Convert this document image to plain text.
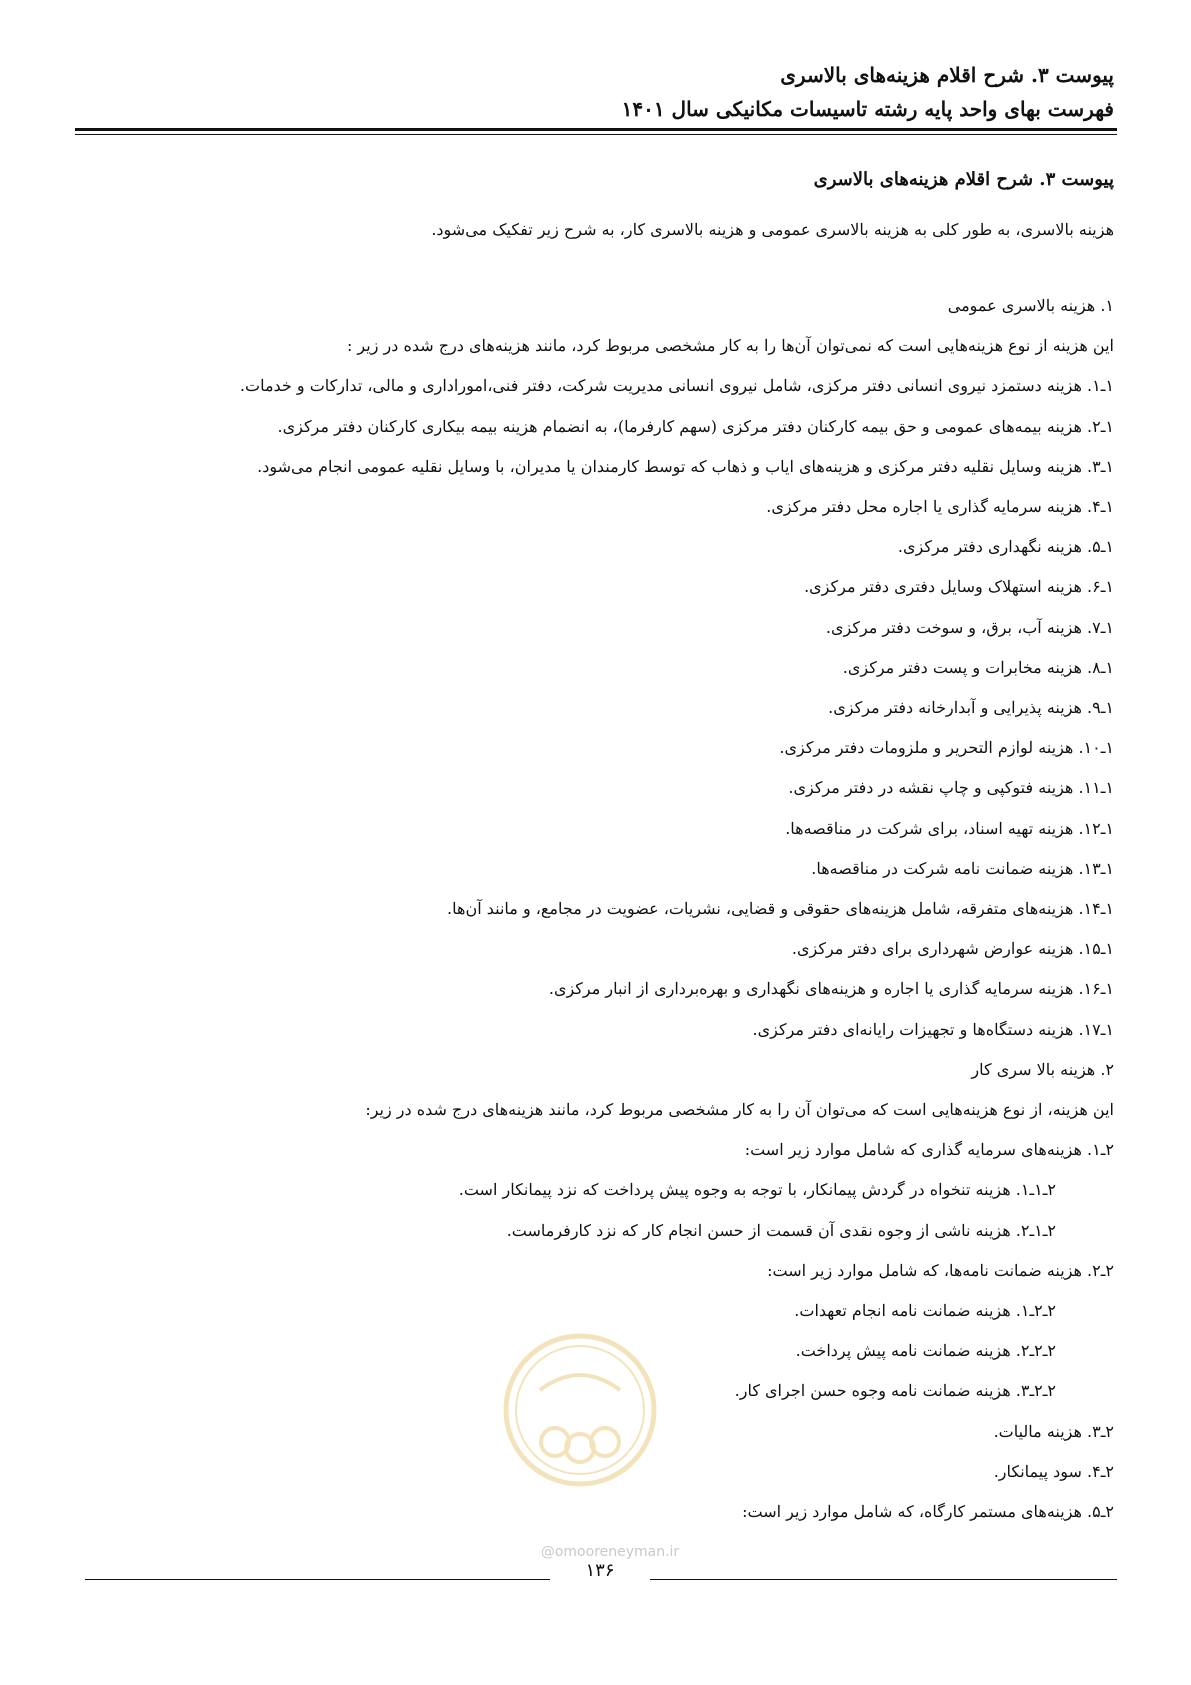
پیوست ۳. شرح اقلام هزینه‌های بالاسری
فهرست بهای واحد پایه رشته تاسیسات مکانیکی سال ۱۴۰۱
پیوست ۳. شرح اقلام هزینه‌های بالاسری
هزینه بالاسری، به طور کلی به هزینه بالاسری عمومی و هزینه بالاسری کار، به شرح زیر تفکیک می‌شود.
۱. هزینه بالاسری عمومی
این هزینه از نوع هزینه‌هایی است که نمی‌توان آن‌ها را به کار مشخصی مربوط کرد، مانند هزینه‌های درج شده در زیر :
۱ـ۱. هزینه دستمزد نیروی انسانی دفتر مرکزی، شامل نیروی انسانی مدیریت شرکت، دفتر فنی،اموراداری و مالی، تدارکات و خدمات.
۱ـ۲. هزینه بیمه‌های عمومی و حق بیمه کارکنان دفتر مرکزی (سهم کارفرما)، به انضمام هزینه بیمه بیکاری کارکنان دفتر مرکزی.
۱ـ۳. هزینه وسایل نقلیه دفتر مرکزی و هزینه‌های ایاب و ذهاب که توسط کارمندان یا مدیران، با وسایل نقلیه عمومی انجام می‌شود.
۱ـ۴. هزینه سرمایه گذاری یا اجاره محل دفتر مرکزی.
۱ـ۵. هزینه نگهداری دفتر مرکزی.
۱ـ۶. هزینه استهلاک وسایل دفتری دفتر مرکزی.
۱ـ۷. هزینه آب، برق، و سوخت دفتر مرکزی.
۱ـ۸. هزینه مخابرات و پست دفتر مرکزی.
۱ـ۹. هزینه پذیرایی و آبدارخانه دفتر مرکزی.
۱ـ۱۰. هزینه لوازم التحریر و ملزومات دفتر مرکزی.
۱ـ۱۱. هزینه فتوکپی و چاپ نقشه در دفتر مرکزی.
۱ـ۱۲. هزینه تهیه اسناد، برای شرکت در مناقصه‌ها.
۱ـ۱۳. هزینه ضمانت نامه شرکت در مناقصه‌ها.
۱ـ۱۴. هزینه‌های متفرقه، شامل هزینه‌های حقوقی و قضایی، نشریات، عضویت در مجامع، و مانند آن‌ها.
۱ـ۱۵. هزینه عوارض شهرداری برای دفتر مرکزی.
۱ـ۱۶. هزینه سرمایه گذاری یا اجاره و هزینه‌های نگهداری و بهره‌برداری از انبار مرکزی.
۱ـ۱۷. هزینه دستگاه‌ها و تجهیزات رایانه‌ای دفتر مرکزی.
۲. هزینه بالا سری کار
این هزینه، از نوع هزینه‌هایی است که می‌توان آن را به کار مشخصی مربوط کرد، مانند هزینه‌های درج شده در زیر:
۲ـ۱. هزینه‌های سرمایه گذاری که شامل موارد زیر است:
۲ـ۱ـ۱. هزینه تنخواه در گردش پیمانکار، با توجه به وجوه پیش پرداخت که نزد پیمانکار است.
۲ـ۱ـ۲. هزینه ناشی از وجوه نقدی آن قسمت از حسن انجام کار که نزد کارفرماست.
۲ـ۲. هزینه ضمانت نامه‌ها، که شامل موارد زیر است:
۲ـ۲ـ۱. هزینه ضمانت نامه انجام تعهدات.
۲ـ۲ـ۲. هزینه ضمانت نامه پیش پرداخت.
۲ـ۲ـ۳. هزینه ضمانت نامه وجوه حسن اجرای کار.
۲ـ۳. هزینه مالیات.
۲ـ۴. سود پیمانکار.
۲ـ۵. هزینه‌های مستمر کارگاه، که شامل موارد زیر است:
@omooreneyman.ir
۱۳۶
